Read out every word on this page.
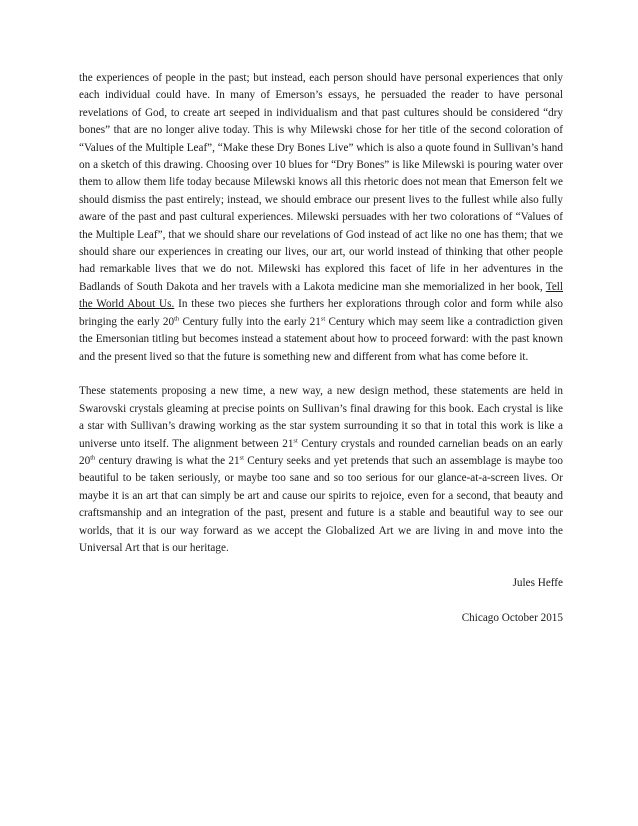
the experiences of people in the past; but instead, each person should have personal experiences that only each individual could have. In many of Emerson’s essays, he persuaded the reader to have personal revelations of God, to create art seeped in individualism and that past cultures should be considered “dry bones” that are no longer alive today. This is why Milewski chose for her title of the second coloration of “Values of the Multiple Leaf”, “Make these Dry Bones Live” which is also a quote found in Sullivan’s hand on a sketch of this drawing. Choosing over 10 blues for “Dry Bones” is like Milewski is pouring water over them to allow them life today because Milewski knows all this rhetoric does not mean that Emerson felt we should dismiss the past entirely; instead, we should embrace our present lives to the fullest while also fully aware of the past and past cultural experiences. Milewski persuades with her two colorations of “Values of the Multiple Leaf”, that we should share our revelations of God instead of act like no one has them; that we should share our experiences in creating our lives, our art, our world instead of thinking that other people had remarkable lives that we do not. Milewski has explored this facet of life in her adventures in the Badlands of South Dakota and her travels with a Lakota medicine man she memorialized in her book, Tell the World About Us. In these two pieces she furthers her explorations through color and form while also bringing the early 20th Century fully into the early 21st Century which may seem like a contradiction given the Emersonian titling but becomes instead a statement about how to proceed forward: with the past known and the present lived so that the future is something new and different from what has come before it.

These statements proposing a new time, a new way, a new design method, these statements are held in Swarovski crystals gleaming at precise points on Sullivan’s final drawing for this book. Each crystal is like a star with Sullivan’s drawing working as the star system surrounding it so that in total this work is like a universe unto itself. The alignment between 21st Century crystals and rounded carnelian beads on an early 20th century drawing is what the 21st Century seeks and yet pretends that such an assemblage is maybe too beautiful to be taken seriously, or maybe too sane and so too serious for our glance-at-a-screen lives. Or maybe it is an art that can simply be art and cause our spirits to rejoice, even for a second, that beauty and craftsmanship and an integration of the past, present and future is a stable and beautiful way to see our worlds, that it is our way forward as we accept the Globalized Art we are living in and move into the Universal Art that is our heritage.

Jules Heffe
Chicago October 2015
